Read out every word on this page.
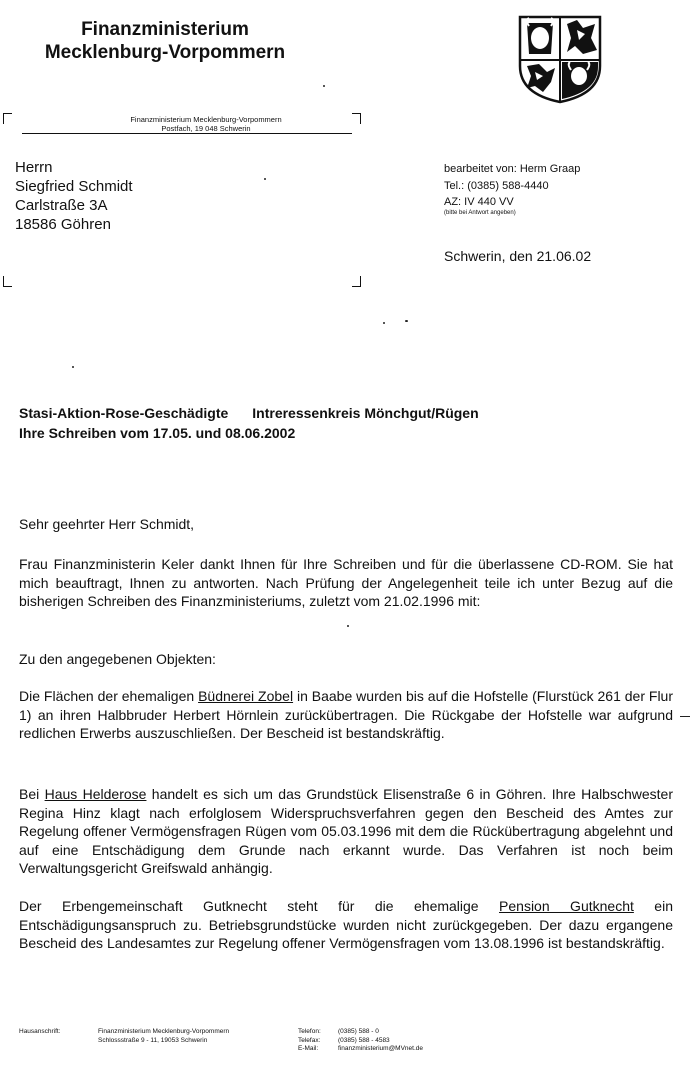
Finanzministerium
Mecklenburg-Vorpommern
Finanzministerium Mecklenburg-Vorpommern
Postfach, 19 048 Schwerin
Herrn
Siegfried Schmidt
Carlstraße 3A
18586 Göhren
bearbeitet von: Herm Graap
Tel.: (0385) 588-4440
AZ: IV 440 VV
(bitte bei Antwort angeben)
Schwerin, den 21.06.02
Stasi-Aktion-Rose-Geschädigte Intreressenkreis Mönchgut/Rügen
Ihre Schreiben vom 17.05. und 08.06.2002
Sehr geehrter Herr Schmidt,
Frau Finanzministerin Keler dankt Ihnen für Ihre Schreiben und für die überlassene CD-ROM. Sie hat mich beauftragt, Ihnen zu antworten. Nach Prüfung der Angelegenheit teile ich unter Bezug auf die bisherigen Schreiben des Finanzministeriums, zuletzt vom 21.02.1996 mit:
Zu den angegebenen Objekten:
Die Flächen der ehemaligen Büdnerei Zobel in Baabe wurden bis auf die Hofstelle (Flurstück 261 der Flur 1) an ihren Halbbruder Herbert Hörnlein zurückübertragen. Die Rückgabe der Hofstelle war aufgrund redlichen Erwerbs auszuschließen. Der Bescheid ist bestandskräftig.
Bei Haus Helderose handelt es sich um das Grundstück Elisenstraße 6 in Göhren. Ihre Halbschwester Regina Hinz klagt nach erfolglosem Widerspruchsverfahren gegen den Bescheid des Amtes zur Regelung offener Vermögensfragen Rügen vom 05.03.1996 mit dem die Rückübertragung abgelehnt und auf eine Entschädigung dem Grunde nach erkannt wurde. Das Verfahren ist noch beim Verwaltungsgericht Greifswald anhängig.
Der Erbengemeinschaft Gutknecht steht für die ehemalige Pension Gutknecht ein Entschädigungsanspruch zu. Betriebsgrundstücke wurden nicht zurückgegeben. Der dazu ergangene Bescheid des Landesamtes zur Regelung offener Vermögensfragen vom 13.08.1996 ist bestandskräftig.
Hausanschrift:	Finanzministerium Mecklenburg-Vorpommern
Schlossstraße 9 - 11, 19053 Schwerin
Telefon:
Telefax:
E-Mail:
(0385) 588 - 0
(0385) 588 - 4583
finanzministerium@MVnet.de
